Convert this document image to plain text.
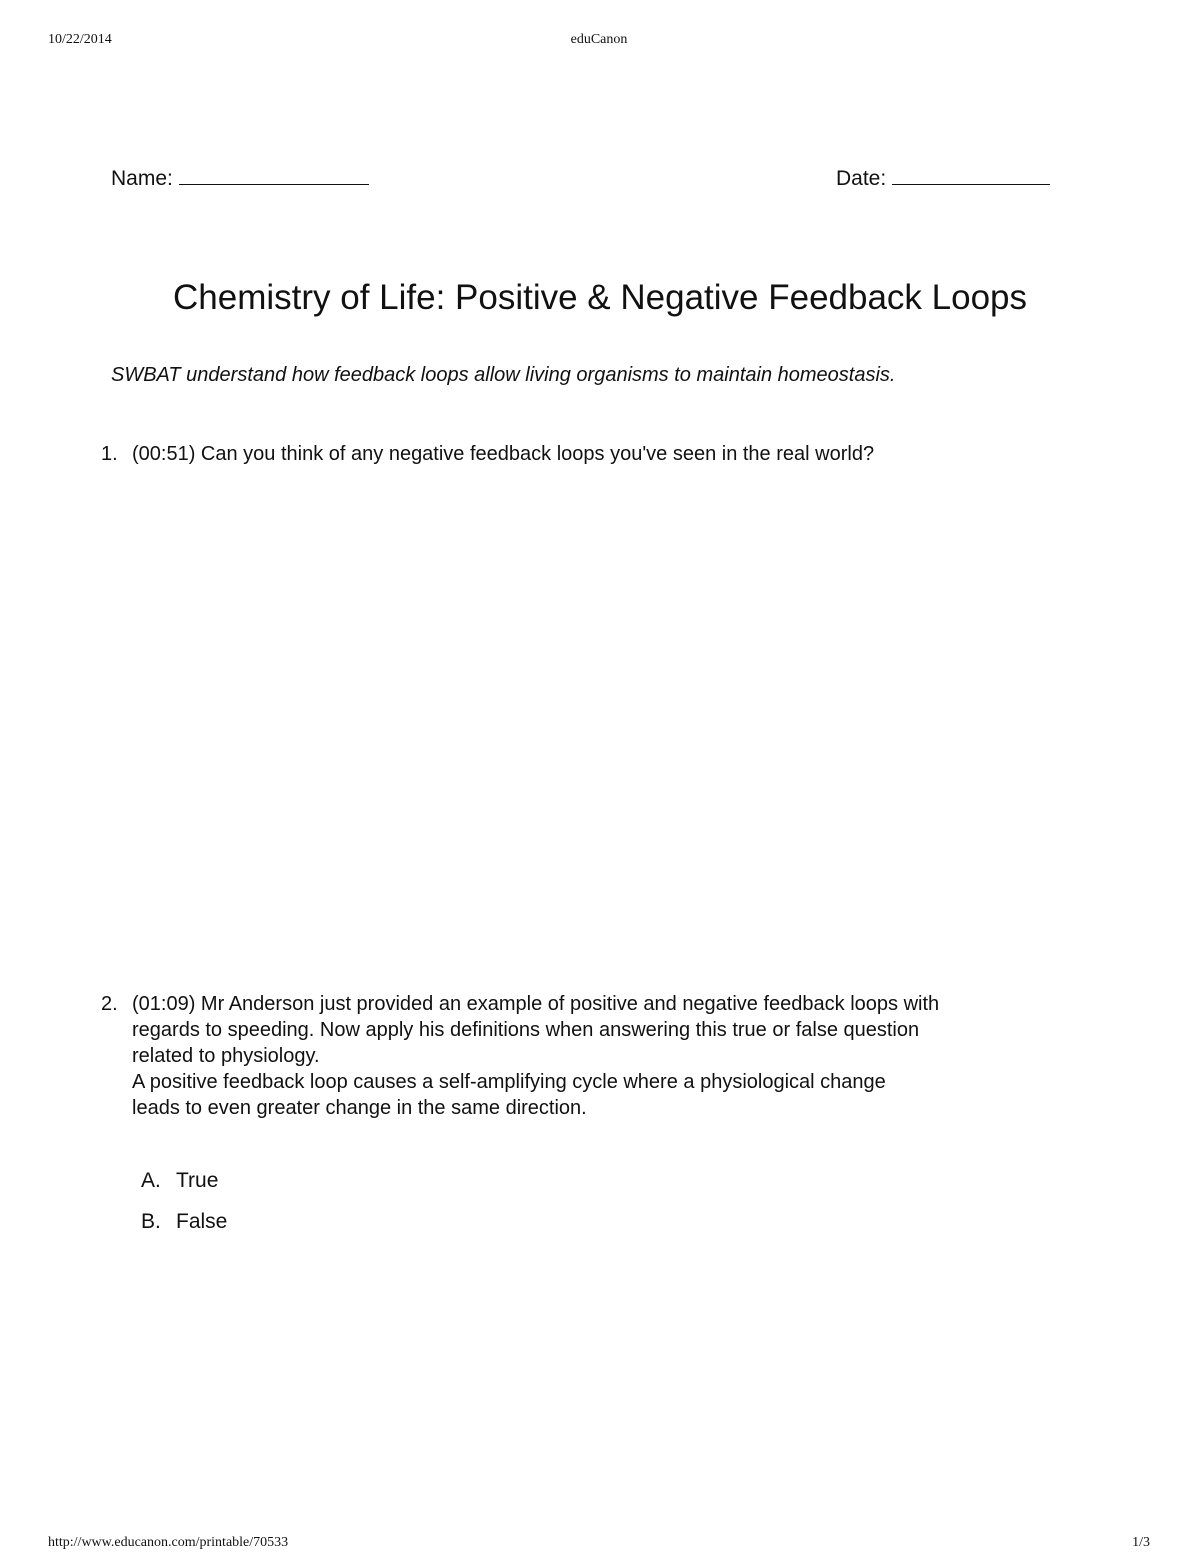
10/22/2014	eduCanon
Name:	Date:
Chemistry of Life: Positive & Negative Feedback Loops
SWBAT understand how feedback loops allow living organisms to maintain homeostasis.
1. (00:51) Can you think of any negative feedback loops you've seen in the real world?
2. (01:09) Mr Anderson just provided an example of positive and negative feedback loops with
regards to speeding. Now apply his definitions when answering this true or false question
related to physiology.
A positive feedback loop causes a self-amplifying cycle where a physiological change
leads to even greater change in the same direction.
A. True
B. False
http://www.educanon.com/printable/70533	1/3
